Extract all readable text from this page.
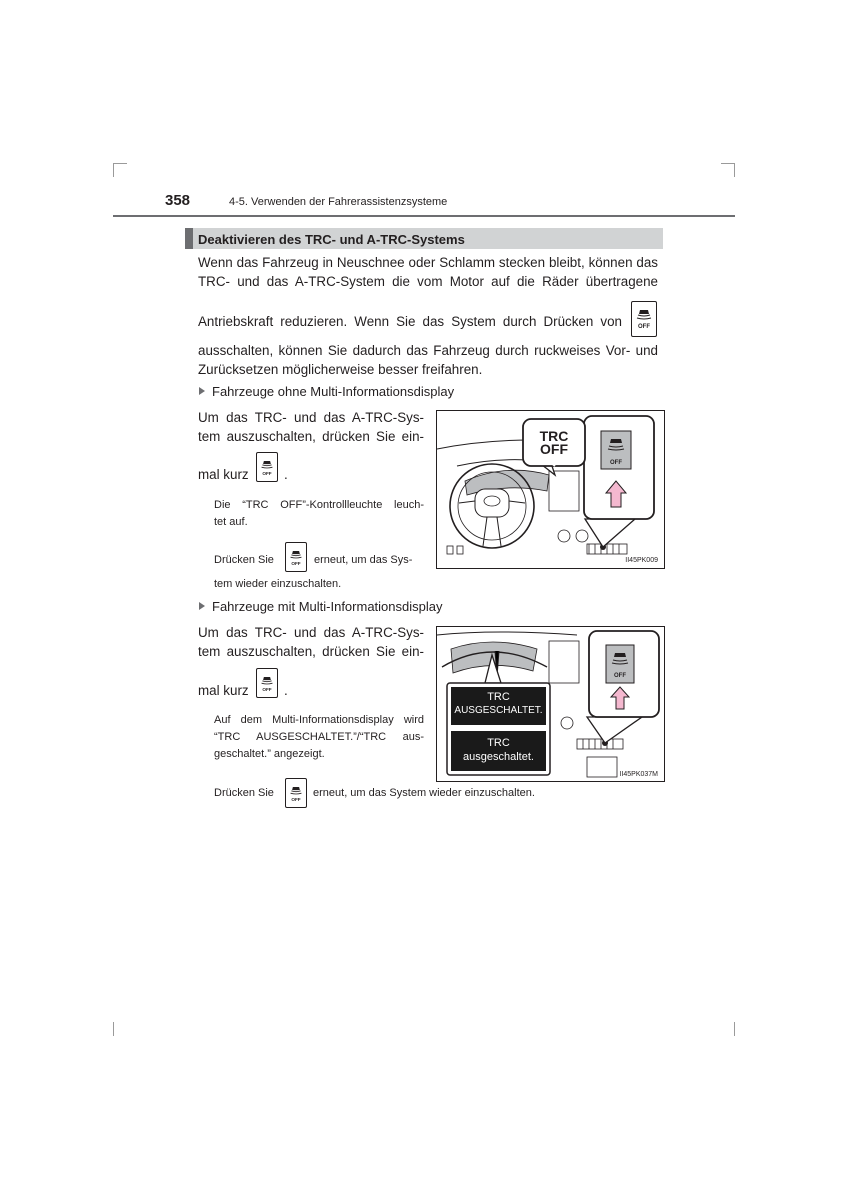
358	4-5. Verwenden der Fahrerassistenzsysteme
Deaktivieren des TRC- und A-TRC-Systems
Wenn das Fahrzeug in Neuschnee oder Schlamm stecken bleibt, können das
TRC- und das A-TRC-System die vom Motor auf die Räder übertragene
Antriebskraft reduzieren. Wenn Sie das System durch Drücken von	OFF
ausschalten, können Sie dadurch das Fahrzeug durch ruckweises Vor- und
Zurücksetzen möglicherweise besser freifahren.
Fahrzeuge ohne Multi-Informationsdisplay
Um das TRC- und das A-TRC-Sys-
tem auszuschalten, drücken Sie ein-
mal kurz OFF .
Die “TRC OFF”-Kontrollleuchte leuch-
tet auf.
Drücken Sie	OFF erneut, um das Sys-
tem wieder einzuschalten.
OFF
TRC
OFF
II45PK009
Fahrzeuge mit Multi-Informationsdisplay
Um das TRC- und das A-TRC-Sys-
tem auszuschalten, drücken Sie ein-
mal kurz OFF .
Auf dem Multi-Informationsdisplay wird
“TRC AUSGESCHALTET.”/“TRC aus-
geschaltet.” angezeigt.
Drücken Sie
OFF
erneut, um das System wieder einzuschalten.
OFF
TRC
AUSGESCHALTET.
TRC
ausgeschaltet.
II45PK037M
